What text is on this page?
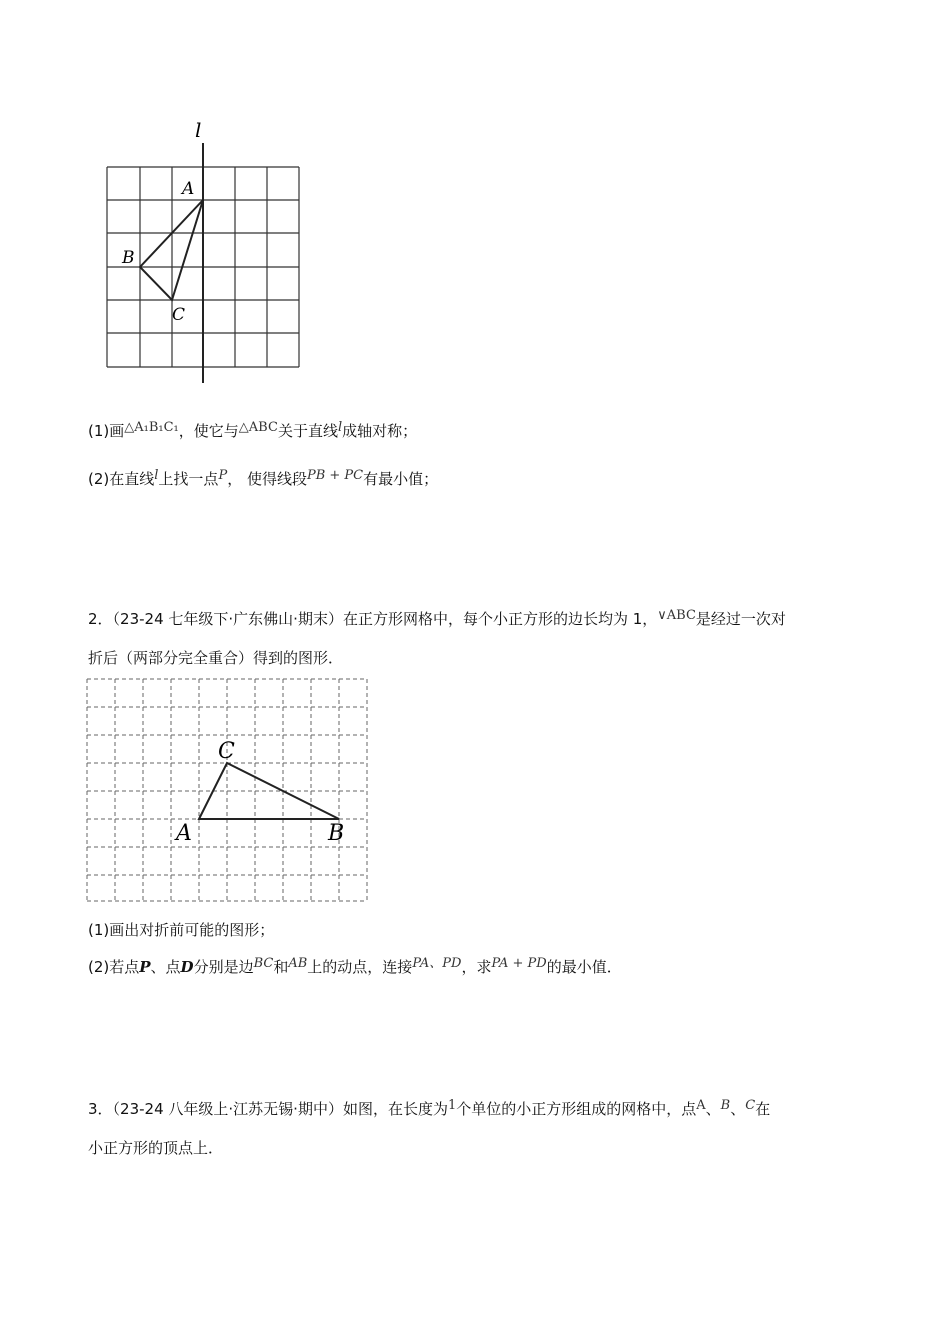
l
A
B
C
(1)画△A₁B₁C₁，使它与△ABC关于直线l成轴对称；
(2)在直线l上找一点P， 使得线段PB + PC有最小值；
2．（23-24 七年级下·广东佛山·期末）在正方形网格中，每个小正方形的边长均为 1，∨ABC是经过一次对
折后（两部分完全重合）得到的图形．
C
A	B
(1)画出对折前可能的图形；
(2)若点P、点D分别是边BC和AB上的动点，连接PA、PD，求PA + PD的最小值．
3．（23-24 八年级上·江苏无锡·期中）如图，在长度为1个单位的小正方形组成的网格中，点A、B、C在
小正方形的顶点上．
